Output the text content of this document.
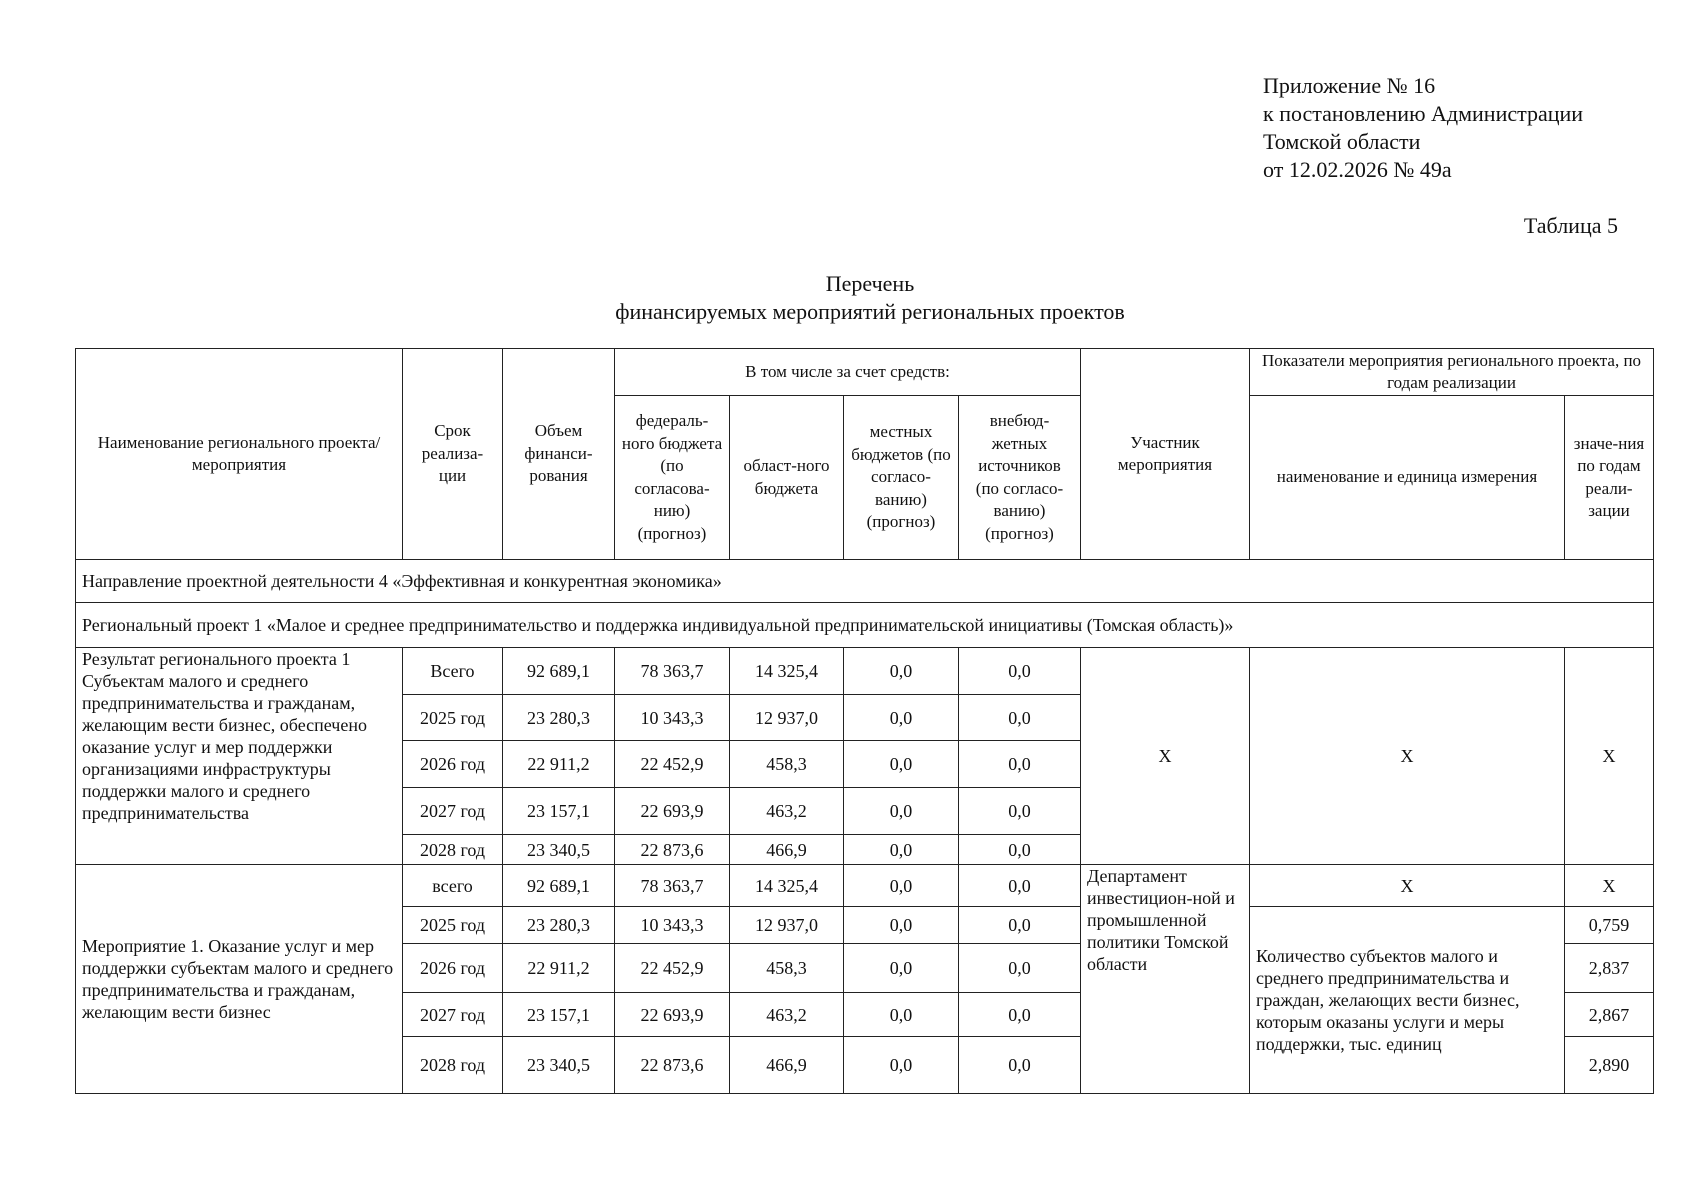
Приложение № 16
к постановлению Администрации
Томской области
от 12.02.2026 № 49а
Таблица 5
Перечень
финансируемых мероприятий региональных проектов
Наименование регионального проекта/мероприятия	Срок реализа-ции	Объем финанси-рования	В том числе за счет средств:				Участник мероприятия	Показатели мероприятия регионального проекта, по годам реализации	
			федераль-ного бюджета (по согласова-нию) (прогноз)	област-ного бюджета	местных бюджетов (по согласо-ванию) (прогноз)	внебюд-жетных источников (по согласо-ванию) (прогноз)		наименование и единица измерения	значе-ния по годам реали-зации
Направление проектной деятельности 4 «Эффективная и конкурентная экономика»									
Региональный проект 1 «Малое и среднее предпринимательство и поддержка индивидуальной предпринимательской инициативы (Томская область)»									
Результат регионального проекта 1 Субъектам малого и среднего предпринимательства и гражданам, желающим вести бизнес, обеспечено оказание услуг и мер поддержки организациями инфраструктуры поддержки малого и среднего предпринимательства	Всего	92 689,1	78 363,7	14 325,4	0,0	0,0	Х	Х	Х
	2025 год	23 280,3	10 343,3	12 937,0	0,0	0,0			
	2026 год	22 911,2	22 452,9	458,3	0,0	0,0			
	2027 год	23 157,1	22 693,9	463,2	0,0	0,0			
	2028 год	23 340,5	22 873,6	466,9	0,0	0,0			
Мероприятие 1. Оказание услуг и мер поддержки субъектам малого и среднего предпринимательства и гражданам, желающим вести бизнес	всего	92 689,1	78 363,7	14 325,4	0,0	0,0	Департамент инвестицион-ной и промышленной политики Томской области	Х	Х
	2025 год	23 280,3	10 343,3	12 937,0	0,0	0,0		Количество субъектов малого и среднего предпринимательства и граждан, желающих вести бизнес, которым оказаны услуги и меры поддержки, тыс. единиц	0,759
	2026 год	22 911,2	22 452,9	458,3	0,0	0,0			2,837
	2027 год	23 157,1	22 693,9	463,2	0,0	0,0			2,867
	2028 год	23 340,5	22 873,6	466,9	0,0	0,0			2,890
